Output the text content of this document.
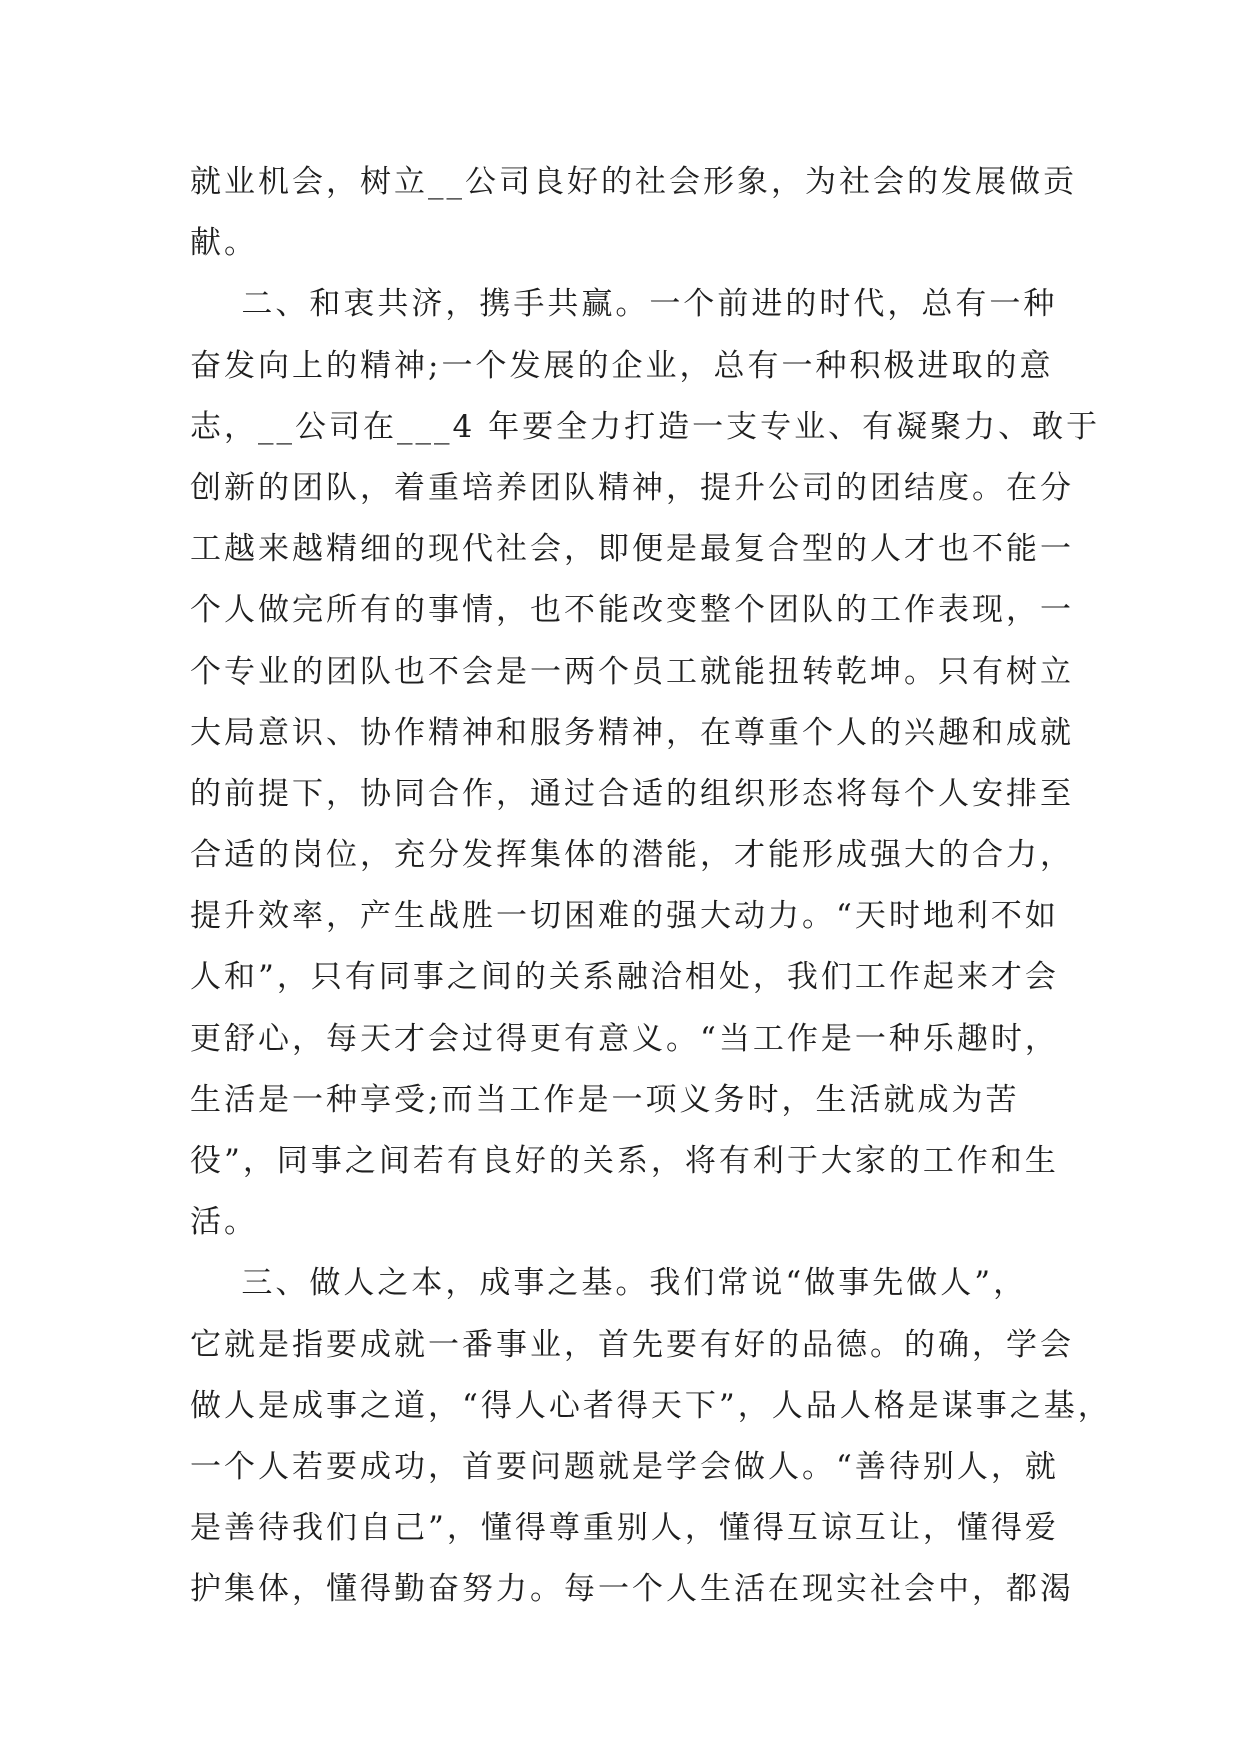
就业机会，树立__公司良好的社会形象，为社会的发展做贡
献。
二、和衷共济，携手共赢。一个前进的时代，总有一种
奋发向上的精神;一个发展的企业，总有一种积极进取的意
志，__公司在___4 年要全力打造一支专业、有凝聚力、敢于
创新的团队，着重培养团队精神，提升公司的团结度。在分
工越来越精细的现代社会，即便是最复合型的人才也不能一
个人做完所有的事情，也不能改变整个团队的工作表现，一
个专业的团队也不会是一两个员工就能扭转乾坤。只有树立
大局意识、协作精神和服务精神，在尊重个人的兴趣和成就
的前提下，协同合作，通过合适的组织形态将每个人安排至
合适的岗位，充分发挥集体的潜能，才能形成强大的合力，
提升效率，产生战胜一切困难的强大动力。“天时地利不如
人和”，只有同事之间的关系融洽相处，我们工作起来才会
更舒心，每天才会过得更有意义。“当工作是一种乐趣时，
生活是一种享受;而当工作是一项义务时，生活就成为苦
役”，同事之间若有良好的关系，将有利于大家的工作和生
活。
三、做人之本，成事之基。我们常说“做事先做人”，
它就是指要成就一番事业，首先要有好的品德。的确，学会
做人是成事之道，“得人心者得天下”，人品人格是谋事之基，
一个人若要成功，首要问题就是学会做人。“善待别人，就
是善待我们自己”，懂得尊重别人，懂得互谅互让，懂得爱
护集体，懂得勤奋努力。每一个人生活在现实社会中，都渴
